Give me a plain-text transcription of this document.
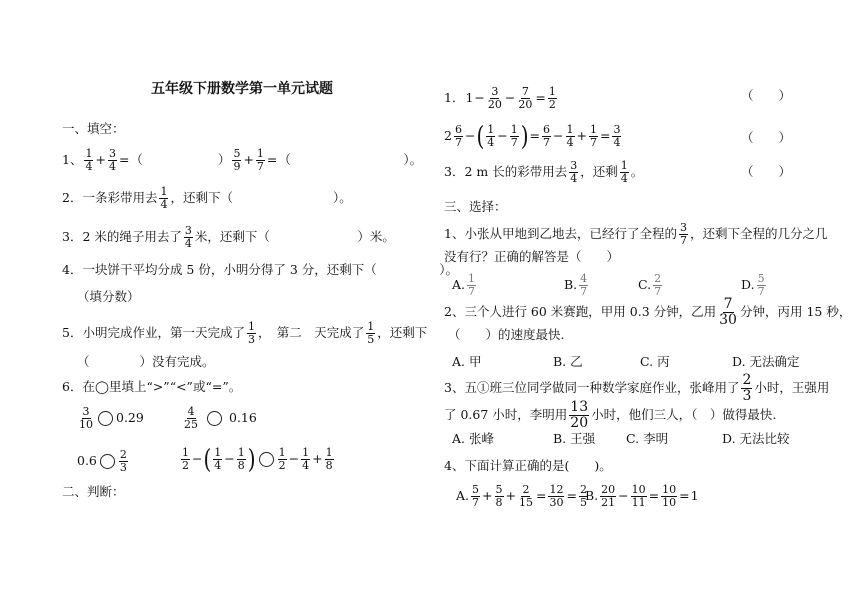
五年级下册数学第一单元试题
一、填空：
1、 $\frac{1}{4} + \frac{3}{4}$ = （　　　　　　） $\frac{5}{9} + \frac{1}{7}$ = （　　　　　　　　　）。
2．一条彩带用去 $\frac{1}{4}$ ，还剩下（　　　　　　　　）。
3．2 米的绳子用去了 $\frac{3}{4}$ 米，还剩下（　　　　　　　）米。
4．一块饼干平均分成 5 份，小明分得了 3 分，还剩下（　　　　　）。
（填分数）
5．小明完成作业，第一天完成了 $\frac{1}{3}$ ，　第二　天完成了 $\frac{1}{5}$ ，还剩下
（　　　　）没有完成。
6．在◯里填上“>”“<”或“=”。
$\frac{3}{10} 0.29$	$\frac{4}{25} 0.16$
$0.6 \frac{2}{3}$	$\frac{1}{2}$ − ( $\frac{1}{4} - \frac{1}{8}$ ) $\frac{1}{2} - \frac{1}{4} + \frac{1}{8}$
二、判断：
1． $1 - \frac{3}{20} - \frac{7}{20} = \frac{1}{2}$	（　　）
$2 \frac{6}{7}$ − ( $\frac{1}{4} - \frac{1}{7}$ ) = $\frac{6}{7} - \frac{1}{4} + \frac{1}{7} = \frac{3}{4}$	（　　）
3．2 m 长的彩带用去 $\frac{3}{4}$ ，还剩 $\frac{1}{4}$ 。	（　　）
三、选择：
1、小张从甲地到乙地去，已经行了全程的 $\frac{3}{7}$ ，还剩下全程的几分之几
没有行？正确的解答是（　　）
A. $\frac{1}{7}$	B. $\frac{4}{7}$	C. $\frac{2}{7}$	D. $\frac{5}{7}$
2、三个人进行 60 米赛跑，甲用 0.3 分钟，乙用 $\frac{7}{30}$ 分钟，丙用 15 秒，
（　　）的速度最快.
A. 甲	B. 乙	C. 丙	D. 无法确定
3、五①班三位同学做同一种数学家庭作业，张峰用了 $\frac{2}{3}$ 小时，王强用
了 0.67 小时，李明用 $\frac{13}{20}$ 小时，他们三人，（　）做得最快.
A. 张峰	B. 王强 C. 李明	D. 无法比较
4、下面计算正确的是(　　)。
A. $\frac{5}{7} + \frac{5}{8} + \frac{2}{15} = \frac{12}{30} = \frac{2}{5}$
B. $\frac{20}{21} - \frac{10}{11} = \frac{10}{10} = 1$
